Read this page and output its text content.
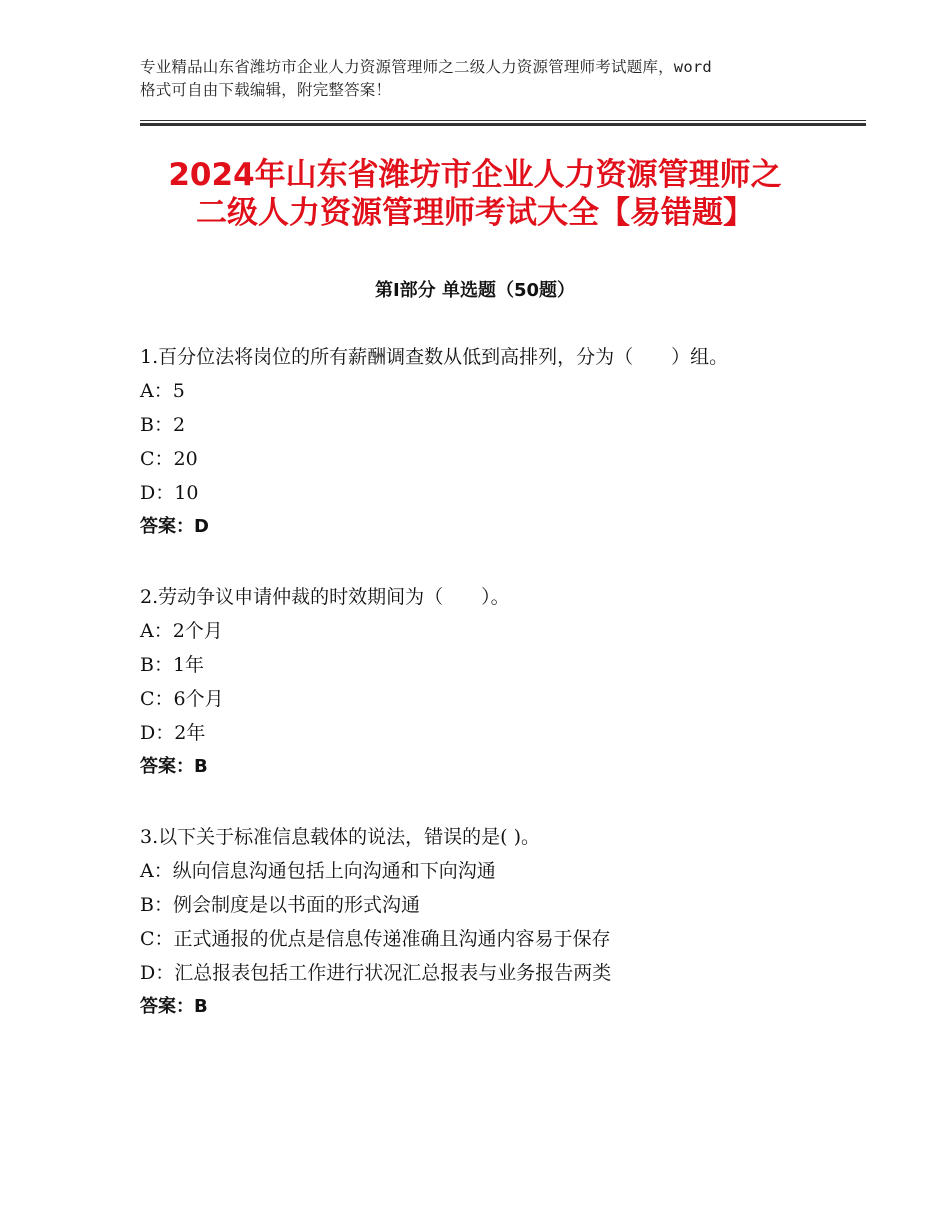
专业精品山东省潍坊市企业人力资源管理师之二级人力资源管理师考试题库，word
格式可自由下载编辑，附完整答案！
2024年山东省潍坊市企业人力资源管理师之
二级人力资源管理师考试大全【易错题】
第Ⅰ部分 单选题（50题）
1.百分位法将岗位的所有薪酬调查数从低到高排列，分为（　　）组。
A：5
B：2
C：20
D：10
答案：D
2.劳动争议申请仲裁的时效期间为（　　）。
A：2个月
B：1年
C：6个月
D：2年
答案：B
3.以下关于标准信息载体的说法，错误的是( )。
A：纵向信息沟通包括上向沟通和下向沟通
B：例会制度是以书面的形式沟通
C：正式通报的优点是信息传递准确且沟通内容易于保存
D：汇总报表包括工作进行状况汇总报表与业务报告两类
答案：B
